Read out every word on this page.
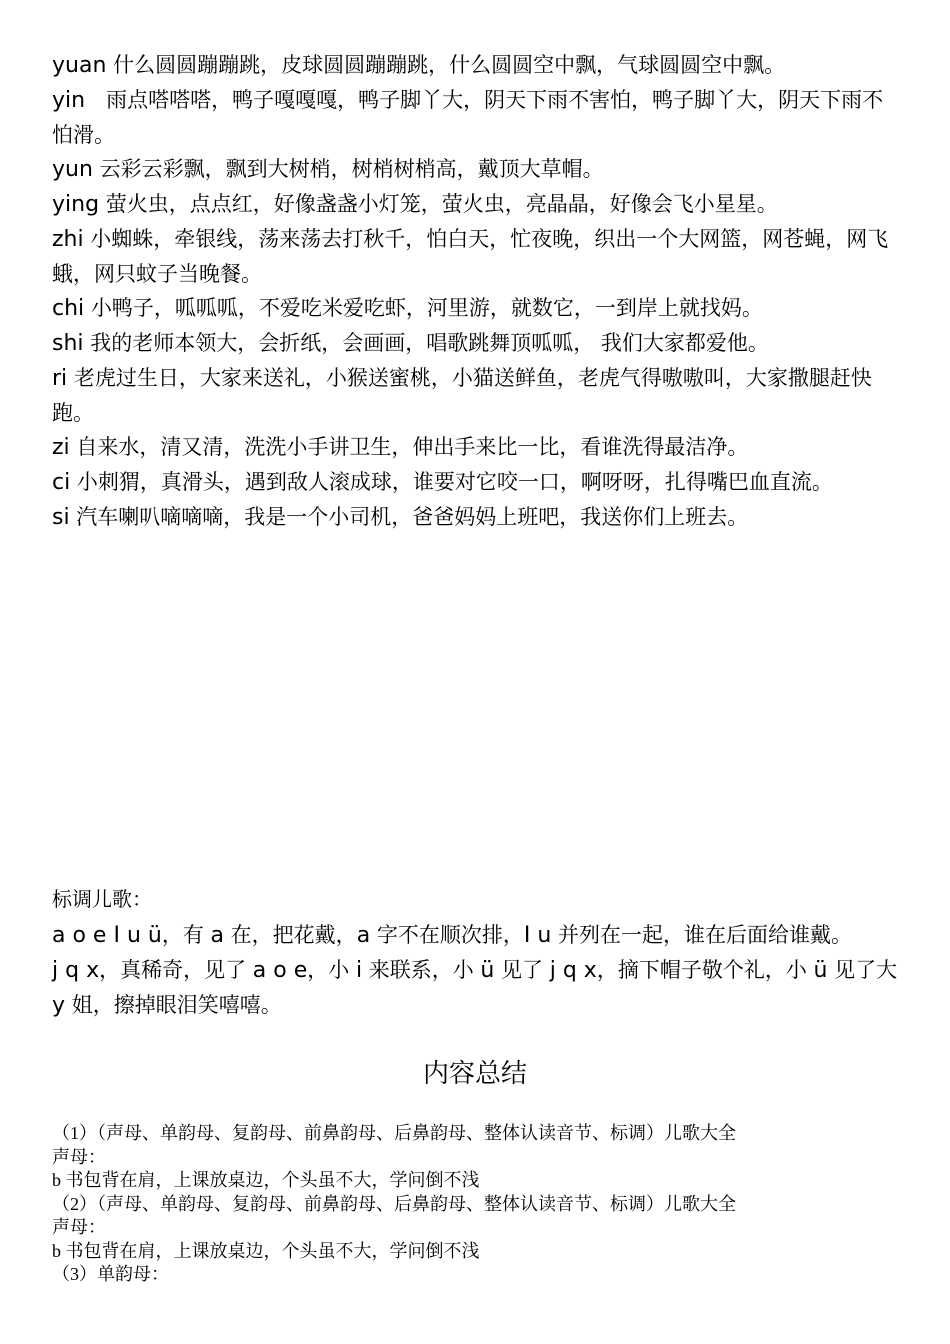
yuan 什么圆圆蹦蹦跳，皮球圆圆蹦蹦跳，什么圆圆空中飘，气球圆圆空中飘。

yin　雨点嗒嗒嗒，鸭子嘎嘎嘎，鸭子脚丫大，阴天下雨不害怕，鸭子脚丫大，阴天下雨不怕滑。

yun 云彩云彩飘，飘到大树梢，树梢树梢高，戴顶大草帽。

ying 萤火虫，点点红，好像盏盏小灯笼，萤火虫，亮晶晶，好像会飞小星星。

zhi 小蜘蛛，牵银线，荡来荡去打秋千，怕白天，忙夜晚，织出一个大网篮，网苍蝇，网飞蛾，网只蚊子当晚餐。

chi 小鸭子，呱呱呱，不爱吃米爱吃虾，河里游，就数它，一到岸上就找妈。

shi 我的老师本领大，会折纸，会画画，唱歌跳舞顶呱呱， 我们大家都爱他。

ri 老虎过生日，大家来送礼，小猴送蜜桃，小猫送鲜鱼，老虎气得嗷嗷叫，大家撒腿赶快跑。

zi 自来水，清又清，洗洗小手讲卫生，伸出手来比一比，看谁洗得最洁净。

ci 小刺猬，真滑头，遇到敌人滚成球，谁要对它咬一口，啊呀呀，扎得嘴巴血直流。

si 汽车喇叭嘀嘀嘀，我是一个小司机，爸爸妈妈上班吧，我送你们上班去。

标调儿歌：

a o e I u ü，有 a 在，把花戴，a 字不在顺次排，I u 并列在一起，谁在后面给谁戴。

j q x，真稀奇，见了 a o e，小 i 来联系，小 ü 见了 j q x，摘下帽子敬个礼，小 ü 见了大 y 姐，擦掉眼泪笑嘻嘻。

内容总结

（1）（声母、单韵母、复韵母、前鼻韵母、后鼻韵母、整体认读音节、标调）儿歌大全

声母：

b 书包背在肩，上课放桌边，个头虽不大，学问倒不浅

（2）（声母、单韵母、复韵母、前鼻韵母、后鼻韵母、整体认读音节、标调）儿歌大全

声母：

b 书包背在肩，上课放桌边，个头虽不大，学问倒不浅

（3）单韵母：
